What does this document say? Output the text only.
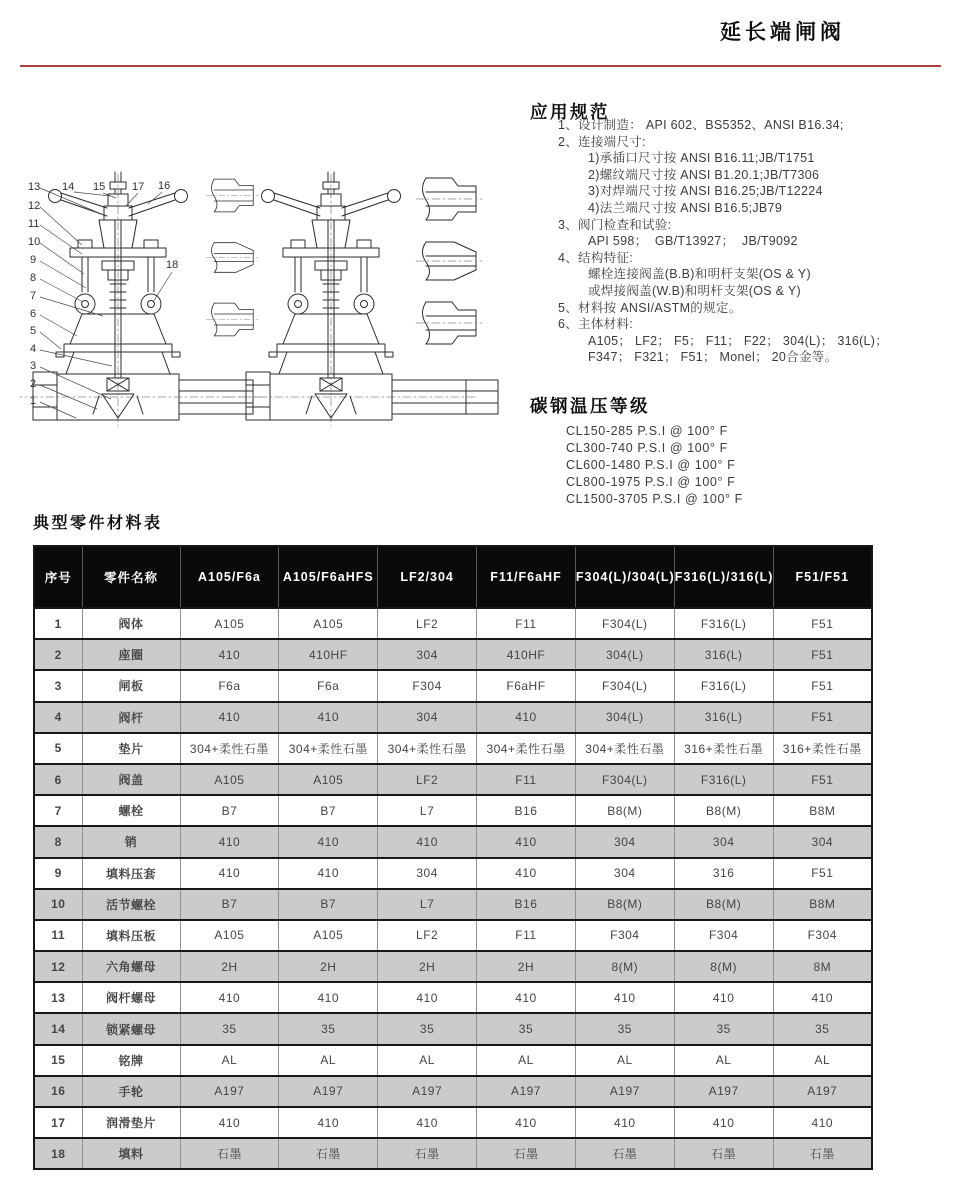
延长端闸阀
13 14 15 17 16
12
11
10
9
8
7
6
5
4
3
2
1
18
应用规范
1、设计制造： API 602、BS5352、ANSI B16.34;
2、连接端尺寸:
1)承插口尺寸按 ANSI B16.11;JB/T1751
2)螺纹端尺寸按 ANSI B1.20.1;JB/T7306
3)对焊端尺寸按 ANSI B16.25;JB/T12224
4)法兰端尺寸按 ANSI B16.5;JB79
3、阀门检查和试验:
API 598；  GB/T13927；  JB/T9092
4、结构特征:
螺栓连接阀盖(B.B)和明杆支架(OS & Y)
或焊接阀盖(W.B)和明杆支架(OS & Y)
5、材料按 ANSI/ASTM的规定。
6、主体材料:
A105； LF2； F5； F11； F22； 304(L)； 316(L)；
F347； F321； F51； Monel； 20合金等。
碳钢温压等级
CL150-285 P.S.I @ 100° F
CL300-740 P.S.I @ 100° F
CL600-1480 P.S.I @ 100° F
CL800-1975 P.S.I @ 100° F
CL1500-3705 P.S.I @ 100° F
典型零件材料表
序号	零件名称	A105/F6a	A105/F6aHFS	LF2/304	F11/F6aHF	F304(L)/304(L)	F316(L)/316(L)	F51/F51
1	阀体	A105	A105	LF2	F11	F304(L)	F316(L)	F51
2	座圈	410	410HF	304	410HF	304(L)	316(L)	F51
3	闸板	F6a	F6a	F304	F6aHF	F304(L)	F316(L)	F51
4	阀杆	410	410	304	410	304(L)	316(L)	F51
5	垫片	304+柔性石墨	304+柔性石墨	304+柔性石墨	304+柔性石墨	304+柔性石墨	316+柔性石墨	316+柔性石墨
6	阀盖	A105	A105	LF2	F11	F304(L)	F316(L)	F51
7	螺栓	B7	B7	L7	B16	B8(M)	B8(M)	B8M
8	销	410	410	410	410	304	304	304
9	填料压套	410	410	304	410	304	316	F51
10	活节螺栓	B7	B7	L7	B16	B8(M)	B8(M)	B8M
11	填料压板	A105	A105	LF2	F11	F304	F304	F304
12	六角螺母	2H	2H	2H	2H	8(M)	8(M)	8M
13	阀杆螺母	410	410	410	410	410	410	410
14	锁紧螺母	35	35	35	35	35	35	35
15	铭牌	AL	AL	AL	AL	AL	AL	AL
16	手轮	A197	A197	A197	A197	A197	A197	A197
17	润滑垫片	410	410	410	410	410	410	410
18	填料	石墨	石墨	石墨	石墨	石墨	石墨	石墨
